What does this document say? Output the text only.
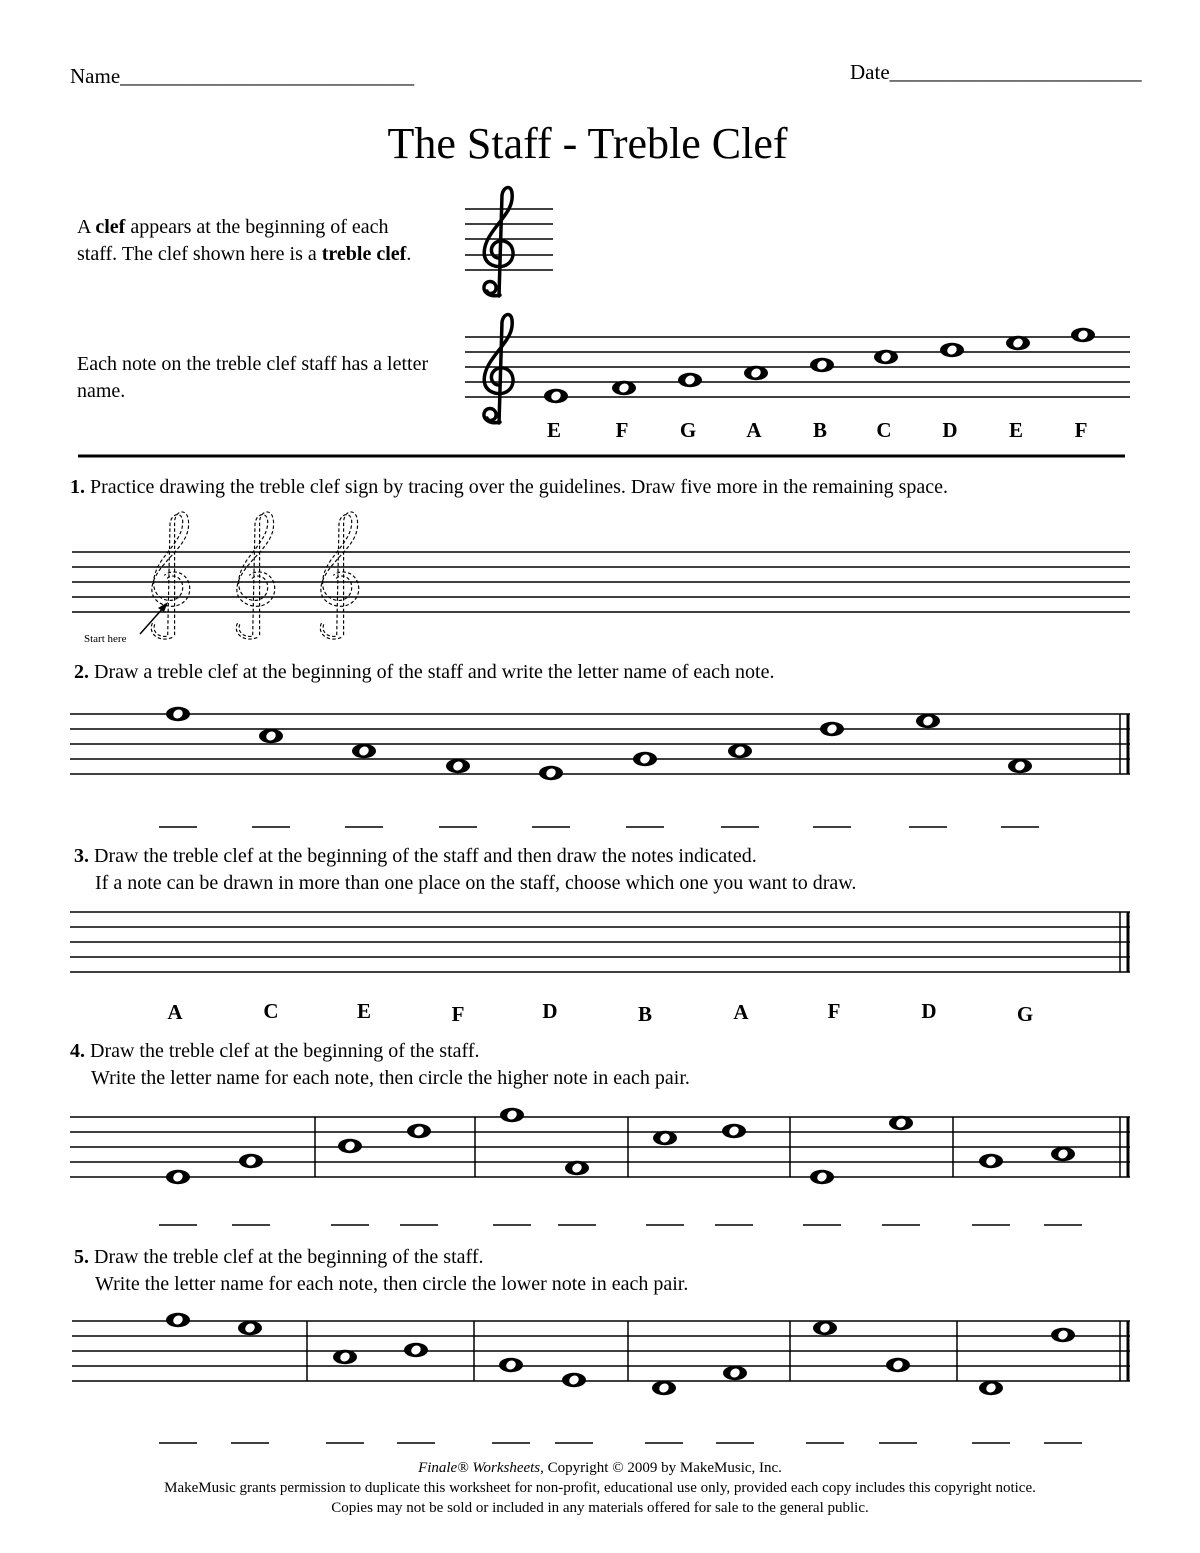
Name____________________________	Date________________________
The Staff - Treble Clef
A clef appears at the beginning of each staff. The clef shown here is a treble clef.
Each note on the treble clef staff has a letter name.
1. Practice drawing the treble clef sign by tracing over the guidelines. Draw five more in the remaining space.
2. Draw a treble clef at the beginning of the staff and write the letter name of each note.
3. Draw the treble clef at the beginning of the staff and then draw the notes indicated.
If a note can be drawn in more than one place on the staff, choose which one you want to draw.
4. Draw the treble clef at the beginning of the staff.
Write the letter name for each note, then circle the higher note in each pair.
5. Draw the treble clef at the beginning of the staff.
Write the letter name for each note, then circle the lower note in each pair.
E	F G A B C D E F
Start here
A	C	E	F	D	B	A	F	D	G
Finale® Worksheets, Copyright © 2009 by MakeMusic, Inc.
MakeMusic grants permission to duplicate this worksheet for non-profit, educational use only, provided each copy includes this copyright notice.
Copies may not be sold or included in any materials offered for sale to the general public.
